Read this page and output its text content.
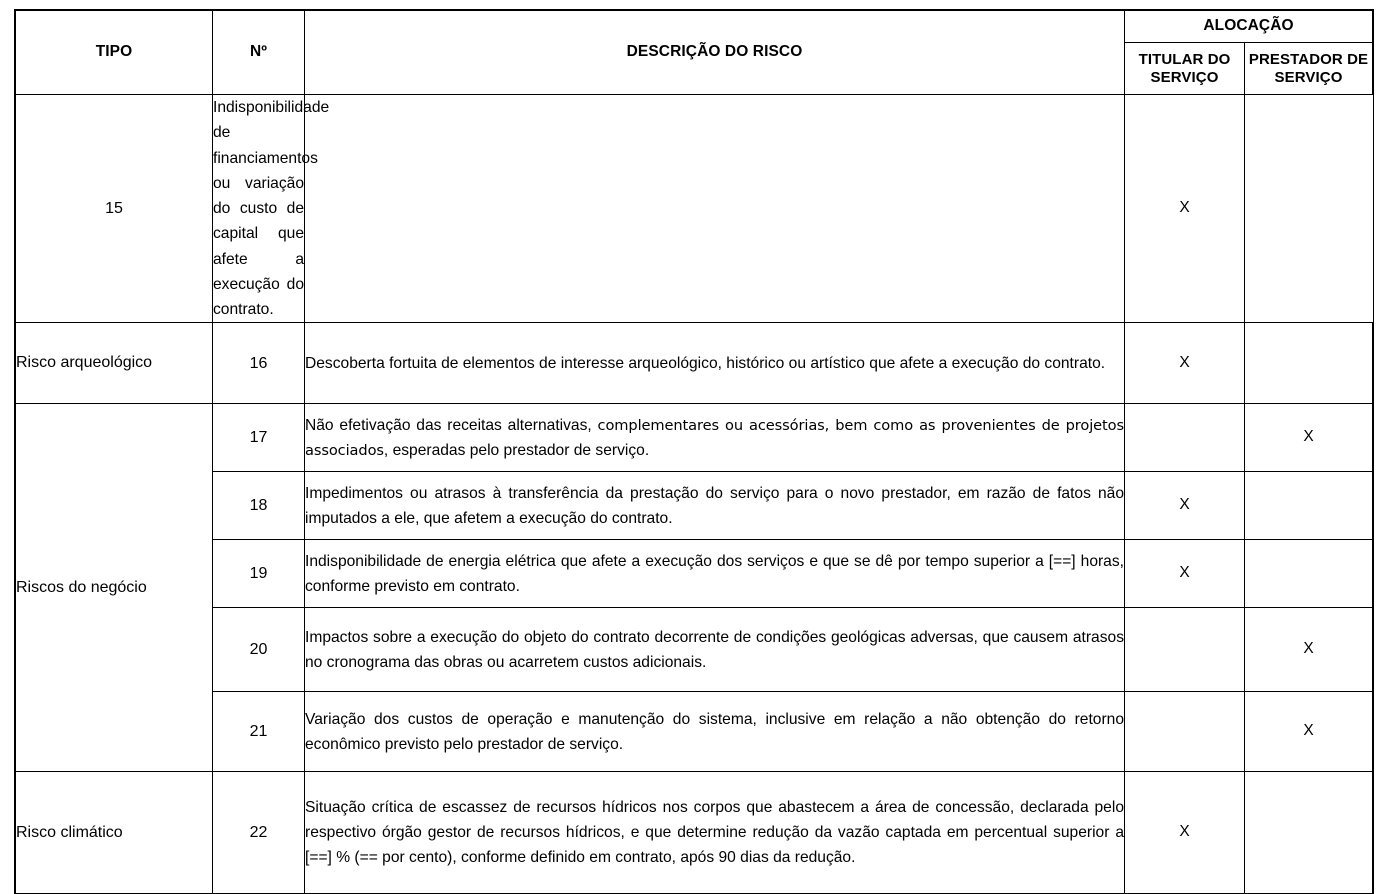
TIPO	Nº	DESCRIÇÃO DO RISCO	ALOCAÇÃO	
			TITULAR DO SERVIÇO	PRESTADOR DE SERVIÇO
15	Indisponibilidade de financiamentos ou variação do custo de capital que afete a execução do contrato.		X	
Risco arqueológico	16	Descoberta fortuita de elementos de interesse arqueológico, histórico ou artístico que afete a execução do contrato.	X	
Riscos do negócio	17	Não efetivação das receitas alternativas, complementares ou acessórias, bem como as provenientes de projetos associados, esperadas pelo prestador de serviço.		X
	18	Impedimentos ou atrasos à transferência da prestação do serviço para o novo prestador, em razão de fatos não imputados a ele, que afetem a execução do contrato.	X	
	19	Indisponibilidade de energia elétrica que afete a execução dos serviços e que se dê por tempo superior a [==] horas, conforme previsto em contrato.	X	
	20	Impactos sobre a execução do objeto do contrato decorrente de condições geológicas adversas, que causem atrasos no cronograma das obras ou acarretem custos adicionais.		X
	21	Variação dos custos de operação e manutenção do sistema, inclusive em relação a não obtenção do retorno econômico previsto pelo prestador de serviço.		X
Risco climático	22	Situação crítica de escassez de recursos hídricos nos corpos que abastecem a área de concessão, declarada pelo respectivo órgão gestor de recursos hídricos, e que determine redução da vazão captada em percentual superior a [==] % (== por cento), conforme definido em contrato, após 90 dias da redução.	X	
